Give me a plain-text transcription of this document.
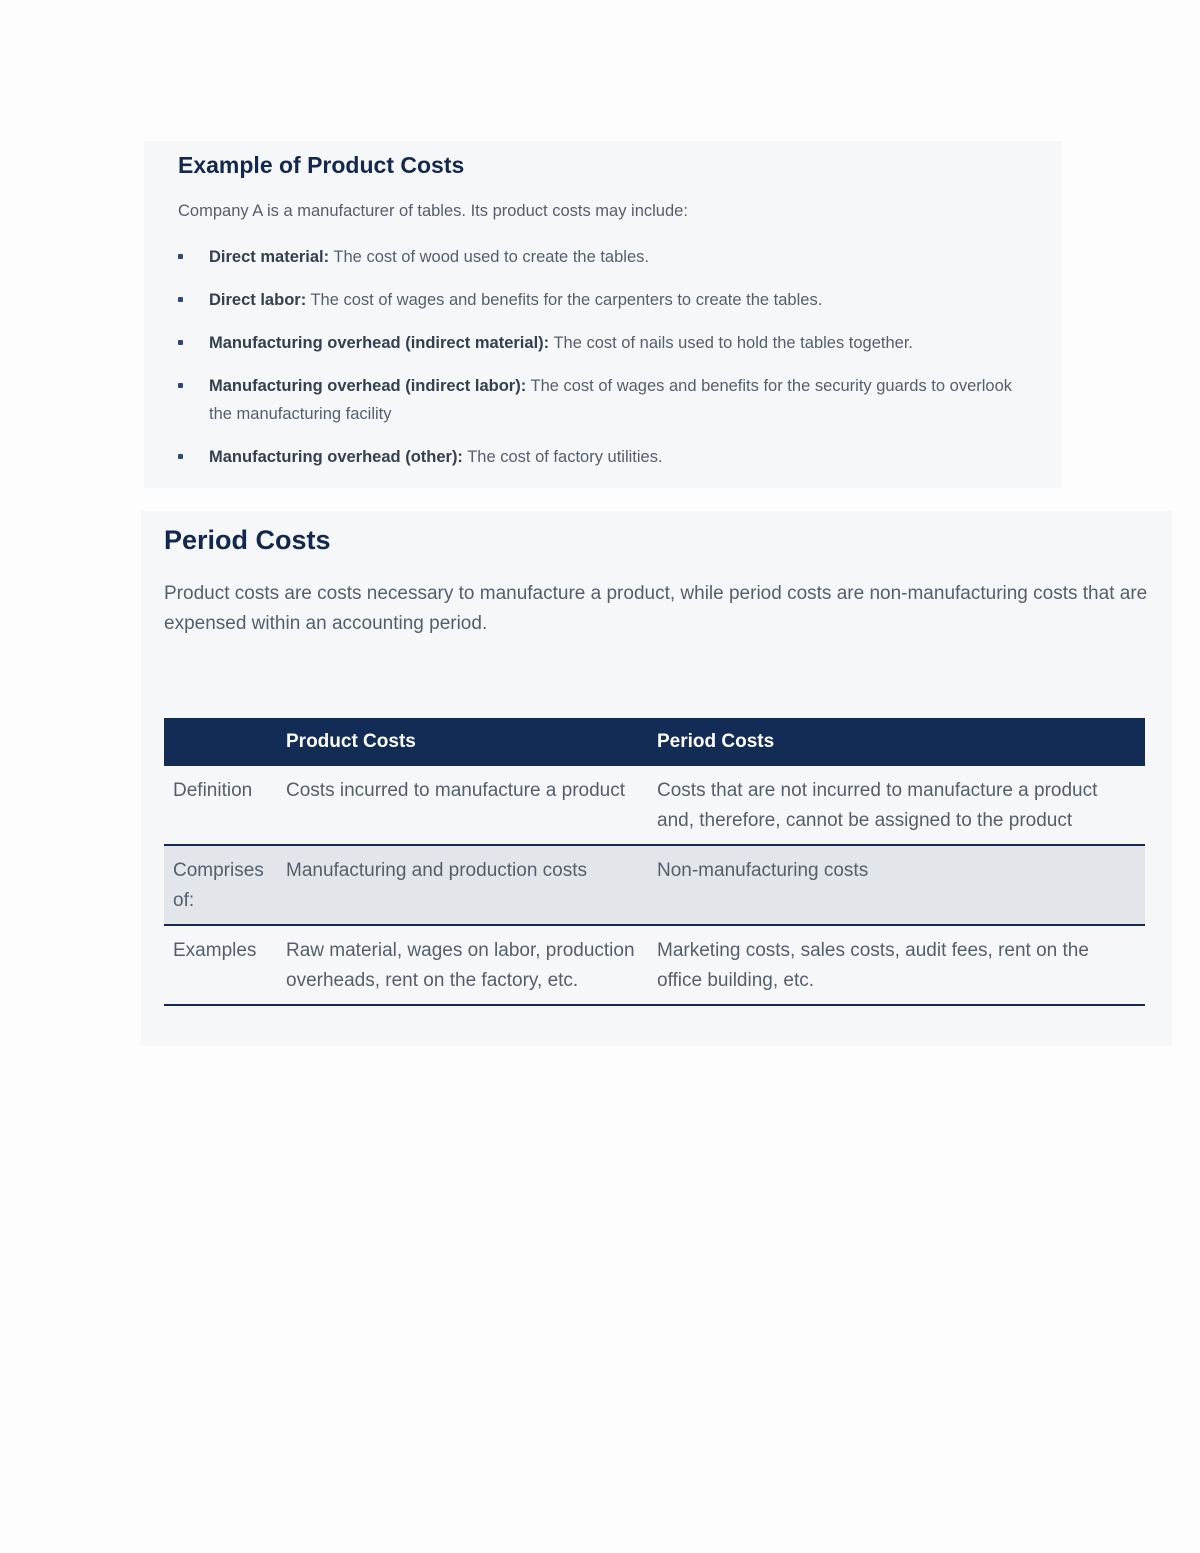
Example of Product Costs

Company A is a manufacturer of tables. Its product costs may include:

Direct material: The cost of wood used to create the tables.
Direct labor: The cost of wages and benefits for the carpenters to create the tables.
Manufacturing overhead (indirect material): The cost of nails used to hold the tables together.
Manufacturing overhead (indirect labor): The cost of wages and benefits for the security guards to overlook the manufacturing facility
Manufacturing overhead (other): The cost of factory utilities.
Period Costs

Product costs are costs necessary to manufacture a product, while period costs are non-manufacturing costs that are expensed within an accounting period.

	Product Costs	Period Costs
Definition	Costs incurred to manufacture a product	Costs that are not incurred to manufacture a product and, therefore, cannot be assigned to the product
Comprises of:	Manufacturing and production costs	Non-manufacturing costs
Examples	Raw material, wages on labor, production overheads, rent on the factory, etc.	Marketing costs, sales costs, audit fees, rent on the office building, etc.
